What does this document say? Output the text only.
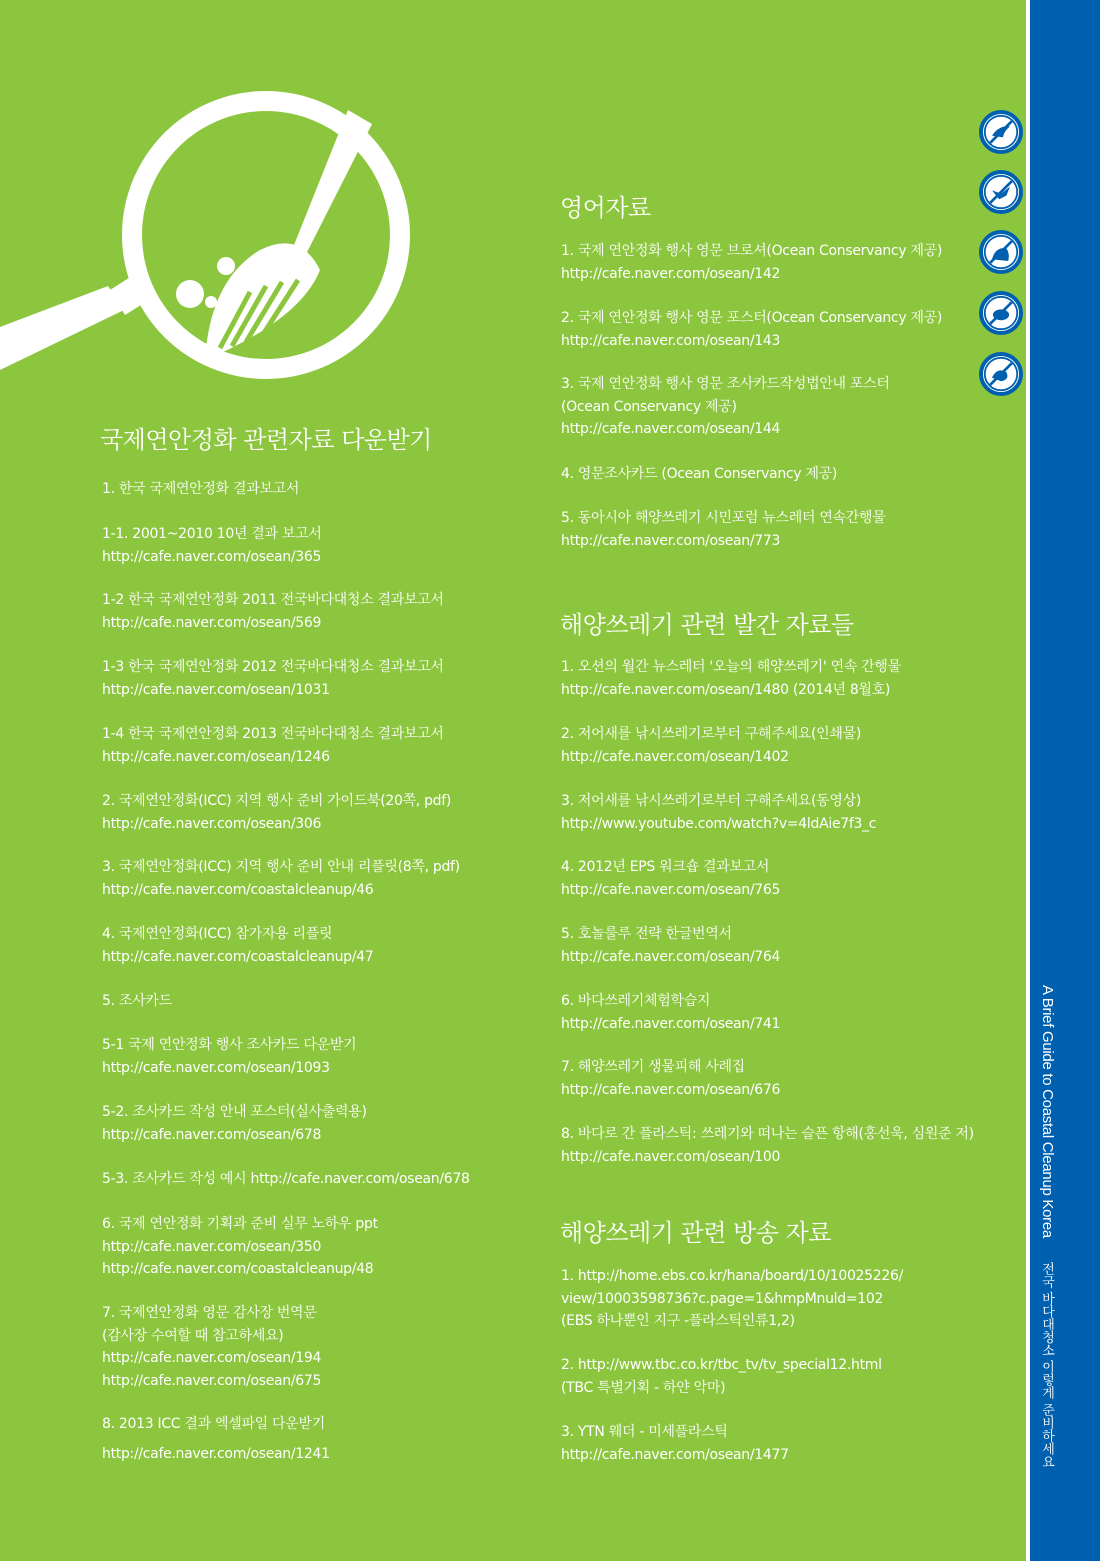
A Brief Guide to Coastal Cleanup Korea 전국 바다대청소 이렇게 준비하세요
국제연안정화 관련자료 다운받기
1. 한국 국제연안정화 결과보고서
1-1. 2001~2010 10년 결과 보고서
http://cafe.naver.com/osean/365
1-2 한국 국제연안정화 2011 전국바다대청소 결과보고서
http://cafe.naver.com/osean/569
1-3 한국 국제연안정화 2012 전국바다대청소 결과보고서
http://cafe.naver.com/osean/1031
1-4 한국 국제연안정화 2013 전국바다대청소 결과보고서
http://cafe.naver.com/osean/1246
2. 국제연안정화(ICC) 지역 행사 준비 가이드북(20쪽, pdf)
http://cafe.naver.com/osean/306
3. 국제연안정화(ICC) 지역 행사 준비 안내 리플릿(8쪽, pdf)
http://cafe.naver.com/coastalcleanup/46
4. 국제연안정화(ICC) 참가자용 리플릿
http://cafe.naver.com/coastalcleanup/47
5. 조사카드
5-1 국제 연안정화 행사 조사카드 다운받기
http://cafe.naver.com/osean/1093
5-2. 조사카드 작성 안내 포스터(실사출력용)
http://cafe.naver.com/osean/678
5-3. 조사카드 작성 예시 http://cafe.naver.com/osean/678
6. 국제 연안정화 기획과 준비 실무 노하우 ppt
http://cafe.naver.com/osean/350
http://cafe.naver.com/coastalcleanup/48
7. 국제연안정화 영문 감사장 번역문
(감사장 수여할 때 참고하세요)
http://cafe.naver.com/osean/194
http://cafe.naver.com/osean/675
8. 2013 ICC 결과 엑셀파일 다운받기
http://cafe.naver.com/osean/1241
영어자료
1. 국제 연안정화 행사 영문 브로셔(Ocean Conservancy 제공)
http://cafe.naver.com/osean/142
2. 국제 연안정화 행사 영문 포스터(Ocean Conservancy 제공)
http://cafe.naver.com/osean/143
3. 국제 연안정화 행사 영문 조사카드작성법안내 포스터
(Ocean Conservancy 제공)
http://cafe.naver.com/osean/144
4. 영문조사카드 (Ocean Conservancy 제공)
5. 동아시아 해양쓰레기 시민포럼 뉴스레터 연속간행물
http://cafe.naver.com/osean/773
해양쓰레기 관련 발간 자료들
1. 오션의 월간 뉴스레터 '오늘의 해양쓰레기' 연속 간행물
http://cafe.naver.com/osean/1480 (2014년 8월호)
2. 저어새를 낚시쓰레기로부터 구해주세요(인쇄물)
http://cafe.naver.com/osean/1402
3. 저어새를 낚시쓰레기로부터 구해주세요(동영상)
http://www.youtube.com/watch?v=4ldAie7f3_c
4. 2012년 EPS 워크숍 결과보고서
http://cafe.naver.com/osean/765
5. 호놀룰루 전략 한글번역서
http://cafe.naver.com/osean/764
6. 바다쓰레기체험학습지
http://cafe.naver.com/osean/741
7. 해양쓰레기 생물피해 사례집
http://cafe.naver.com/osean/676
8. 바다로 간 플라스틱: 쓰레기와 떠나는 슬픈 항해(홍선욱, 심원준 저)
http://cafe.naver.com/osean/100
해양쓰레기 관련 방송 자료
1. http://home.ebs.co.kr/hana/board/10/10025226/
view/10003598736?c.page=1&hmpMnuld=102
(EBS 하나뿐인 지구 -플라스틱인류1,2)
2. http://www.tbc.co.kr/tbc_tv/tv_special12.html
(TBC 특별기획 - 하얀 악마)
3. YTN 웨더 - 미세플라스틱
http://cafe.naver.com/osean/1477
